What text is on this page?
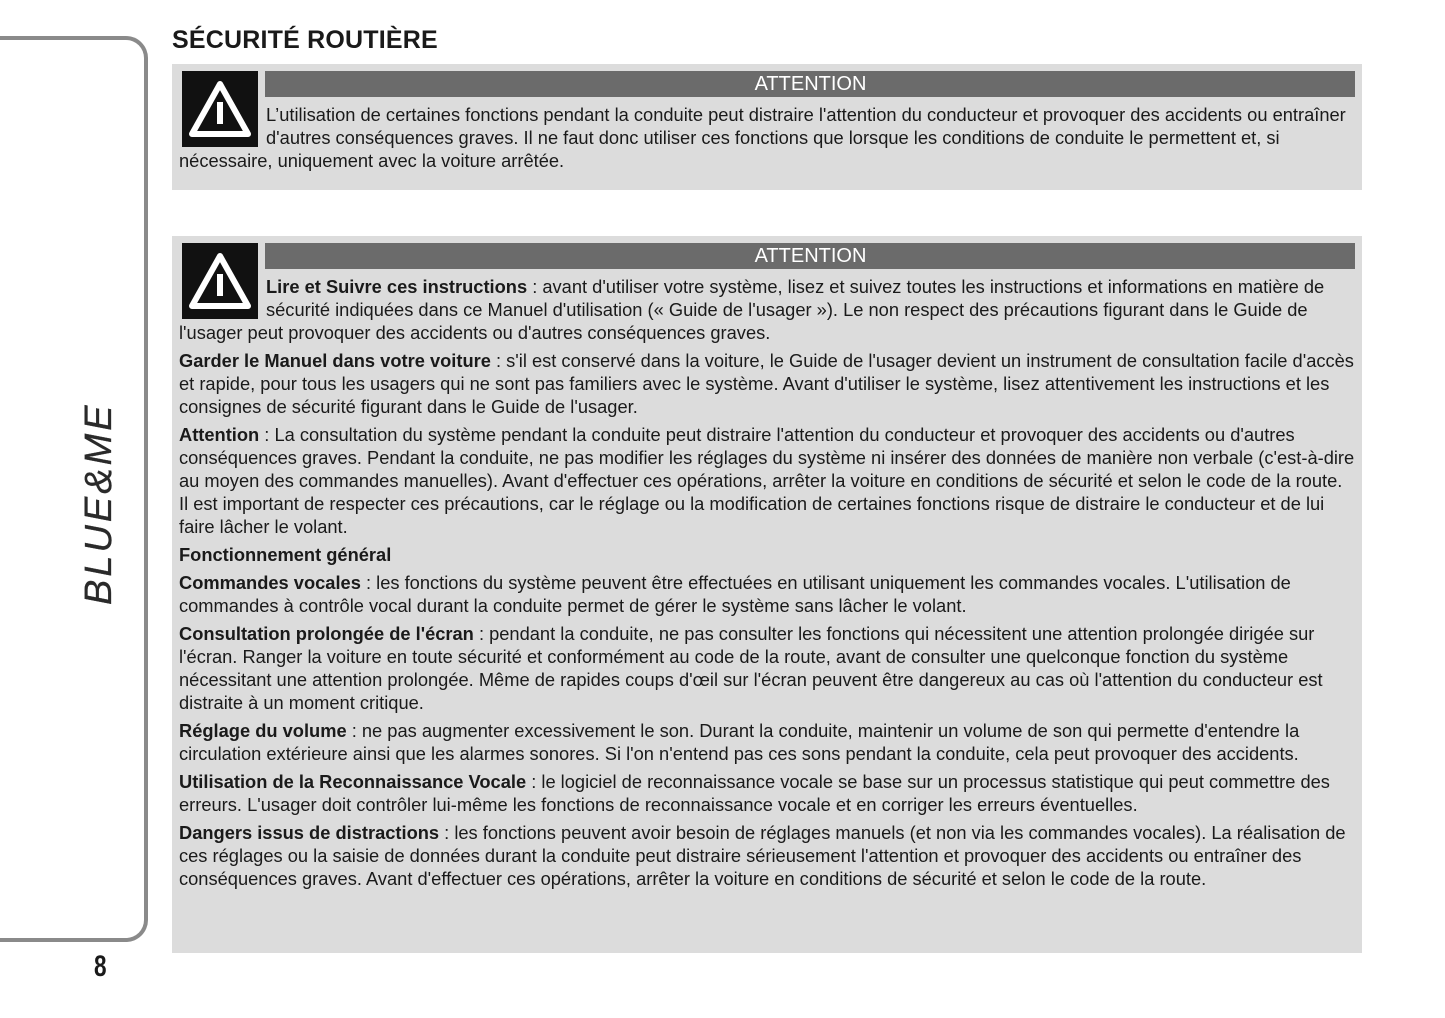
BLUE&ME
8
SÉCURITÉ ROUTIÈRE
ATTENTION

L’utilisation de certaines fonctions pendant la conduite peut distraire l'attention du conducteur et provoquer des accidents ou entraîner d'autres conséquences graves. Il ne faut donc utiliser ces fonctions que lorsque les conditions de conduite le permettent et, si nécessaire, uniquement avec la voiture arrêtée.

ATTENTION

Lire et Suivre ces instructions : avant d'utiliser votre système, lisez et suivez toutes les instructions et informations en matière de sécurité indiquées dans ce Manuel d'utilisation (« Guide de l'usager »). Le non respect des précautions figurant dans le Guide de l'usager peut provoquer des accidents ou d'autres conséquences graves.

Garder le Manuel dans votre voiture : s'il est conservé dans la voiture, le Guide de l'usager devient un instrument de consultation facile d'accès et rapide, pour tous les usagers qui ne sont pas familiers avec le système. Avant d'utiliser le système, lisez attentivement les instructions et les consignes de sécurité figurant dans le Guide de l'usager.

Attention : La consultation du système pendant la conduite peut distraire l'attention du conducteur et provoquer des accidents ou d'autres conséquences graves. Pendant la conduite, ne pas modifier les réglages du système ni insérer des données de manière non verbale (c'est-à-dire au moyen des commandes manuelles). Avant d'effectuer ces opérations, arrêter la voiture en conditions de sécurité et selon le code de la route. Il est important de respecter ces précautions, car le réglage ou la modification de certaines fonctions risque de distraire le conducteur et de lui faire lâcher le volant.

Fonctionnement général

Commandes vocales : les fonctions du système peuvent être effectuées en utilisant uniquement les commandes vocales. L'utilisation de commandes à contrôle vocal durant la conduite permet de gérer le système sans lâcher le volant.

Consultation prolongée de l'écran : pendant la conduite, ne pas consulter les fonctions qui nécessitent une attention prolongée dirigée sur l'écran. Ranger la voiture en toute sécurité et conformément au code de la route, avant de consulter une quelconque fonction du système nécessitant une attention prolongée. Même de rapides coups d'œil sur l'écran peuvent être dangereux au cas où l'attention du conducteur est distraite à un moment critique.

Réglage du volume : ne pas augmenter excessivement le son. Durant la conduite, maintenir un volume de son qui permette d'entendre la circulation extérieure ainsi que les alarmes sonores. Si l'on n'entend pas ces sons pendant la conduite, cela peut provoquer des accidents.

Utilisation de la Reconnaissance Vocale : le logiciel de reconnaissance vocale se base sur un processus statistique qui peut commettre des erreurs. L'usager doit contrôler lui-même les fonctions de reconnaissance vocale et en corriger les erreurs éventuelles.

Dangers issus de distractions : les fonctions peuvent avoir besoin de réglages manuels (et non via les commandes vocales). La réalisation de ces réglages ou la saisie de données durant la conduite peut distraire sérieusement l'attention et provoquer des accidents ou entraîner des conséquences graves. Avant d'effectuer ces opérations, arrêter la voiture en conditions de sécurité et selon le code de la route.
